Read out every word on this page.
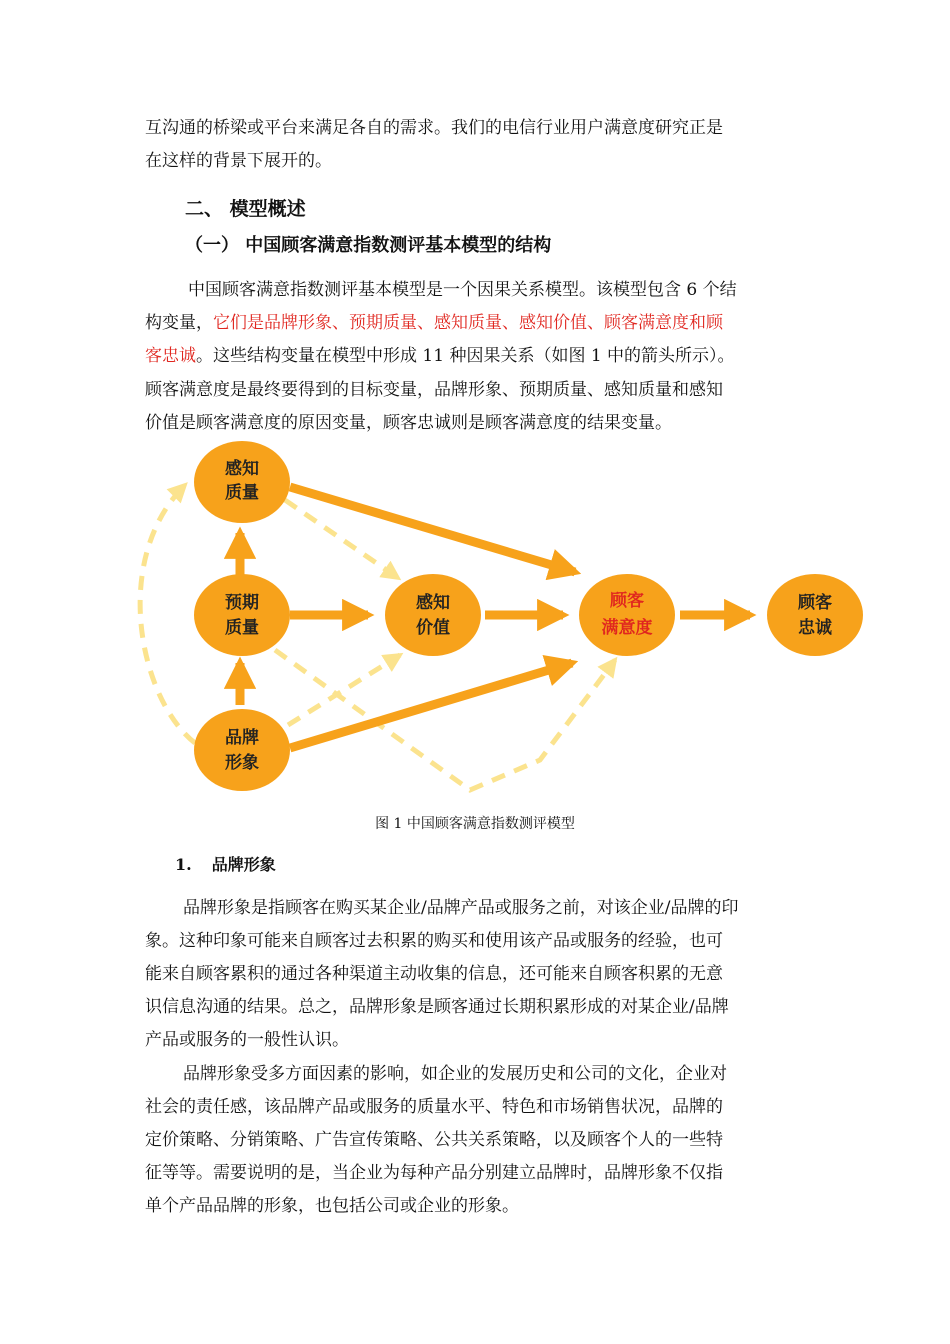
互沟通的桥梁或平台来满足各自的需求。我们的电信行业用户满意度研究正是
在这样的背景下展开的。
二、 模型概述
（一） 中国顾客满意指数测评基本模型的结构
中国顾客满意指数测评基本模型是一个因果关系模型。该模型包含 6 个结
构变量，它们是品牌形象、预期质量、感知质量、感知价值、顾客满意度和顾
客忠诚。这些结构变量在模型中形成 11 种因果关系（如图 1 中的箭头所示）。
顾客满意度是最终要得到的目标变量，品牌形象、预期质量、感知质量和感知
价值是顾客满意度的原因变量，顾客忠诚则是顾客满意度的结果变量。
感知
质量
预期
质量
品牌
形象
感知
价值
顾客
满意度
顾客
忠诚
图 1 中国顾客满意指数测评模型
1. 品牌形象
品牌形象是指顾客在购买某企业/品牌产品或服务之前，对该企业/品牌的印
象。这种印象可能来自顾客过去积累的购买和使用该产品或服务的经验，也可
能来自顾客累积的通过各种渠道主动收集的信息，还可能来自顾客积累的无意
识信息沟通的结果。总之，品牌形象是顾客通过长期积累形成的对某企业/品牌
产品或服务的一般性认识。
品牌形象受多方面因素的影响，如企业的发展历史和公司的文化，企业对
社会的责任感，该品牌产品或服务的质量水平、特色和市场销售状况，品牌的
定价策略、分销策略、广告宣传策略、公共关系策略，以及顾客个人的一些特
征等等。需要说明的是，当企业为每种产品分别建立品牌时，品牌形象不仅指
单个产品品牌的形象，也包括公司或企业的形象。
